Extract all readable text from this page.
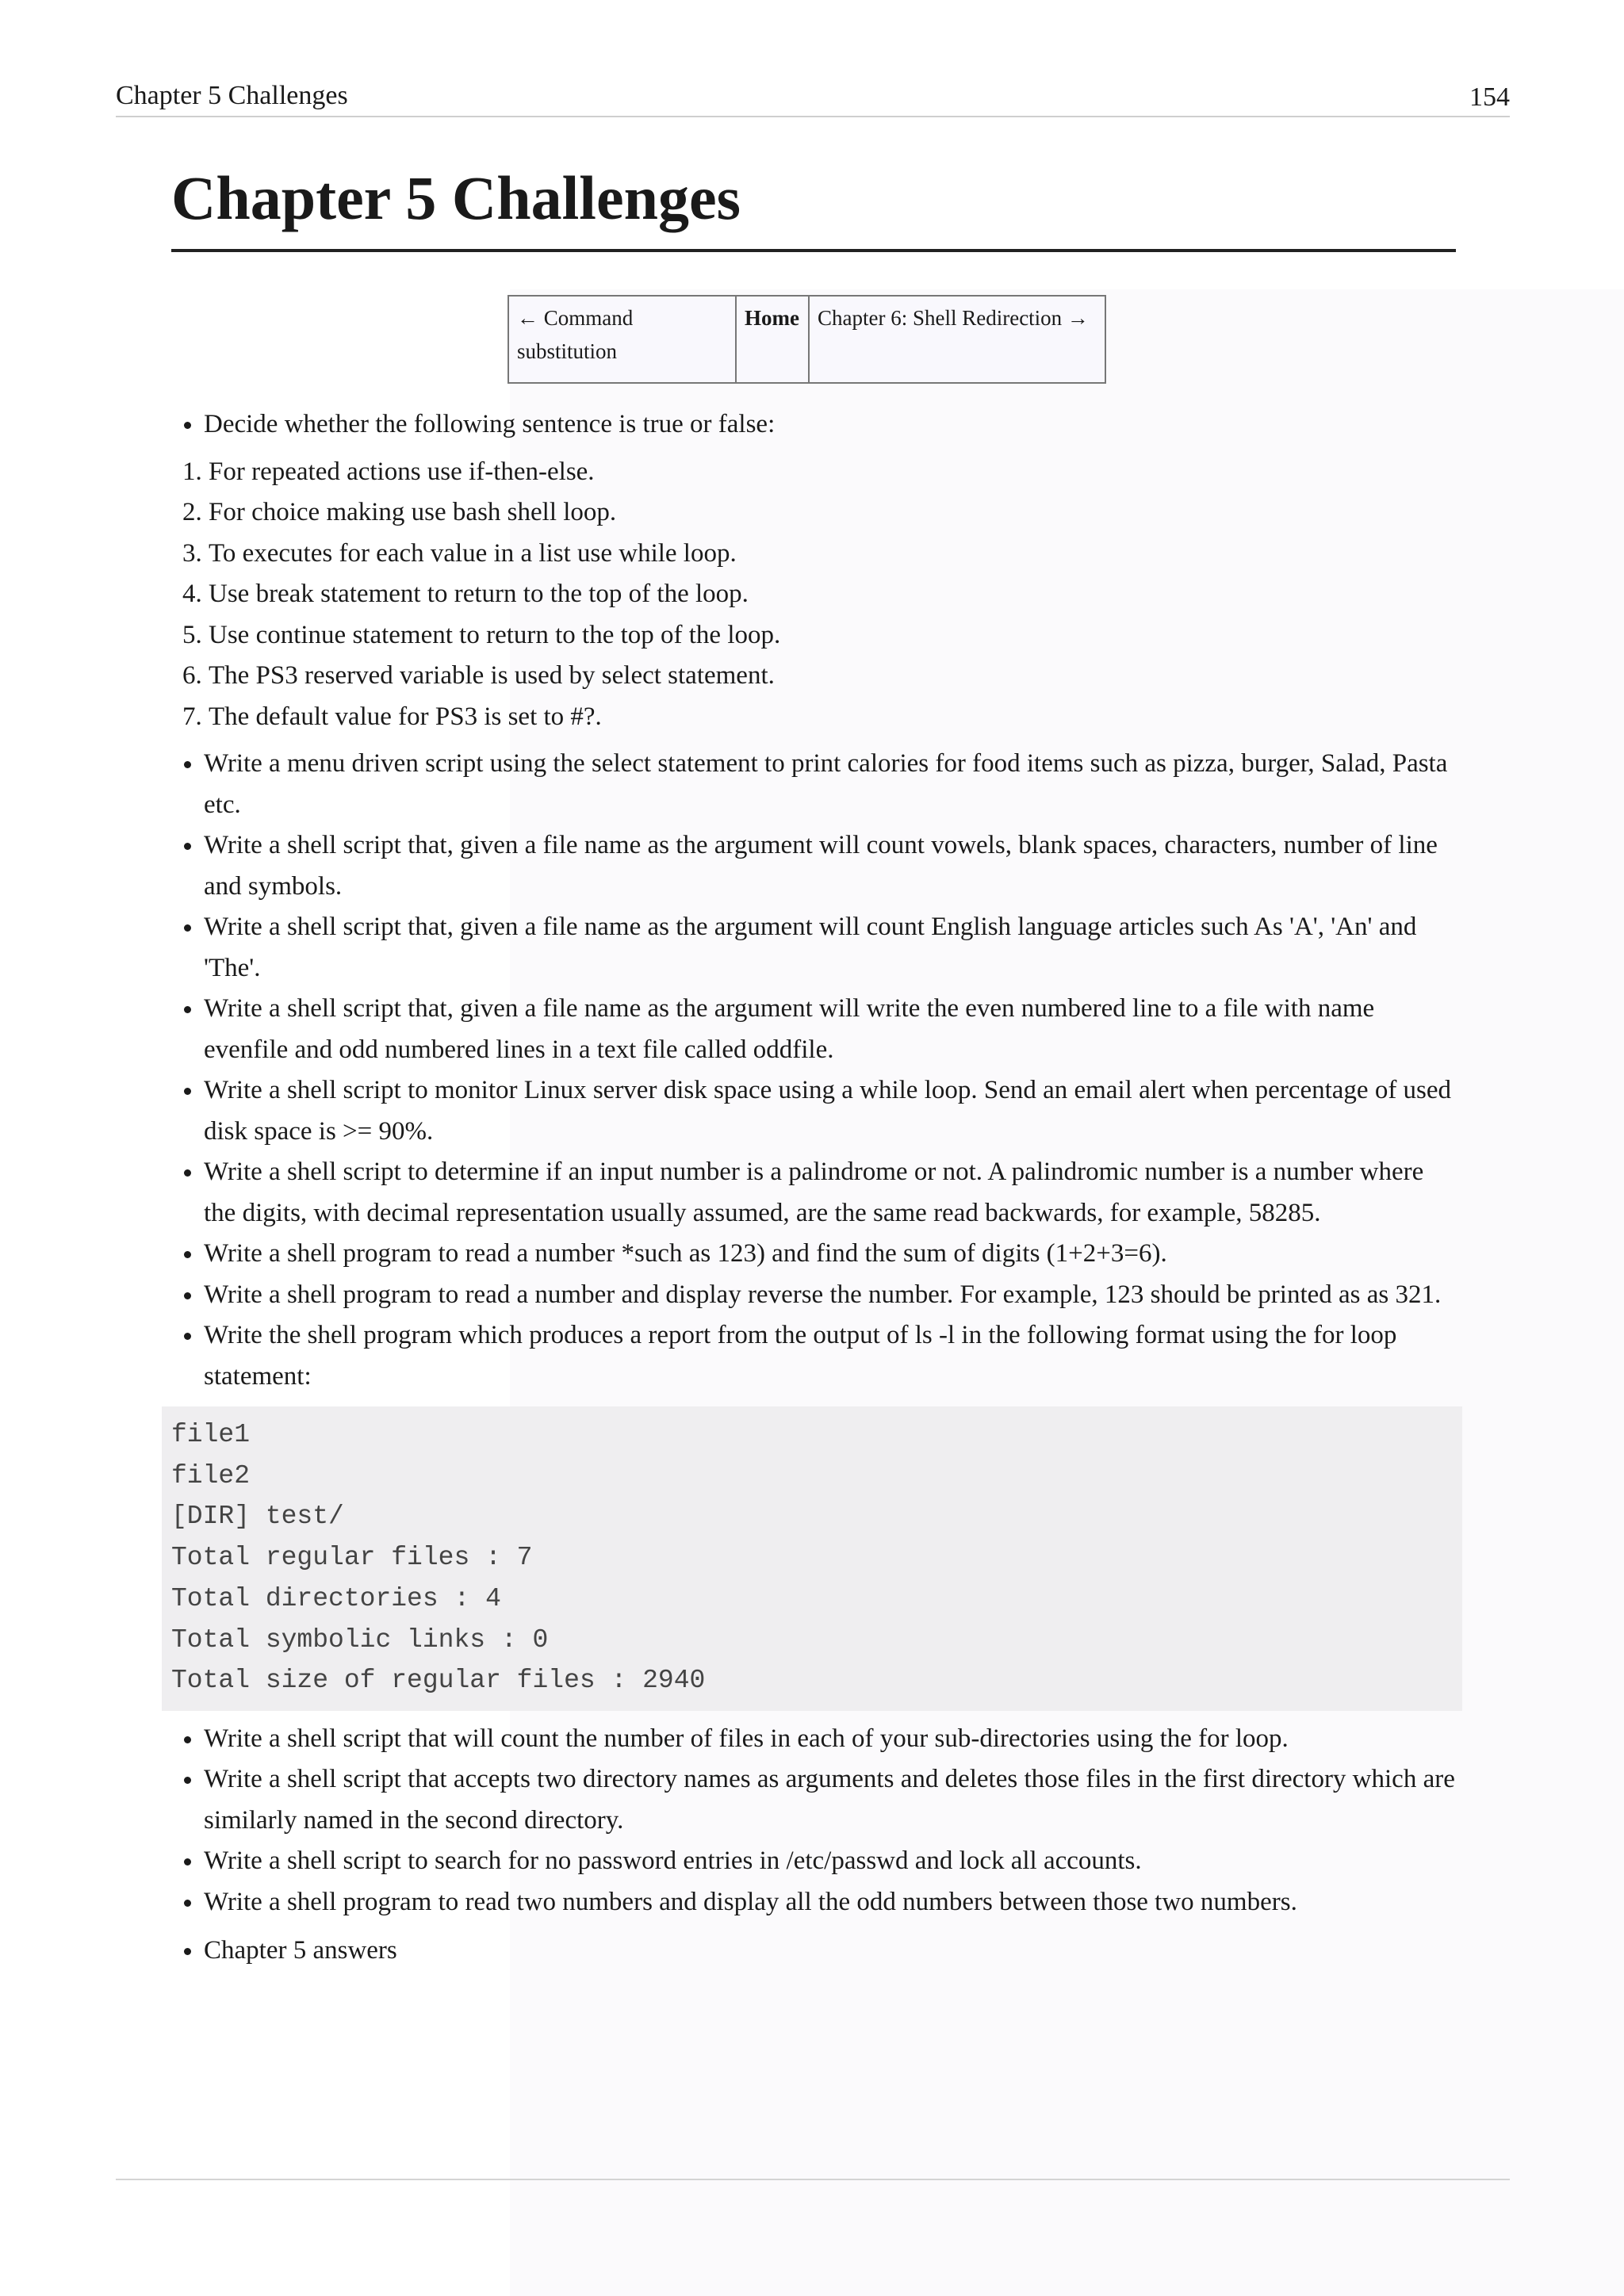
Chapter 5 Challenges	154
Chapter 5 Challenges
← Command substitution	Home	Chapter 6: Shell Redirection →
• Decide whether the following sentence is true or false:
1. For repeated actions use if-then-else.
2. For choice making use bash shell loop.
3. To executes for each value in a list use while loop.
4. Use break statement to return to the top of the loop.
5. Use continue statement to return to the top of the loop.
6. The PS3 reserved variable is used by select statement.
7. The default value for PS3 is set to #?.
• Write a menu driven script using the select statement to print calories for food items such as pizza, burger, Salad, Pasta etc.
• Write a shell script that, given a file name as the argument will count vowels, blank spaces, characters, number of line and symbols.
• Write a shell script that, given a file name as the argument will count English language articles such As 'A', 'An' and 'The'.
• Write a shell script that, given a file name as the argument will write the even numbered line to a file with name evenfile and odd numbered lines in a text file called oddfile.
• Write a shell script to monitor Linux server disk space using a while loop. Send an email alert when percentage of used disk space is >= 90%.
• Write a shell script to determine if an input number is a palindrome or not. A palindromic number is a number where the digits, with decimal representation usually assumed, are the same read backwards, for example, 58285.
• Write a shell program to read a number *such as 123) and find the sum of digits (1+2+3=6).
• Write a shell program to read a number and display reverse the number. For example, 123 should be printed as as 321.
• Write the shell program which produces a report from the output of ls -l in the following format using the for loop statement:
file1
file2
[DIR] test/
Total regular files : 7
Total directories : 4
Total symbolic links : 0
Total size of regular files : 2940
• Write a shell script that will count the number of files in each of your sub-directories using the for loop.
• Write a shell script that accepts two directory names as arguments and deletes those files in the first directory which are similarly named in the second directory.
• Write a shell script to search for no password entries in /etc/passwd and lock all accounts.
• Write a shell program to read two numbers and display all the odd numbers between those two numbers.
• Chapter 5 answers
